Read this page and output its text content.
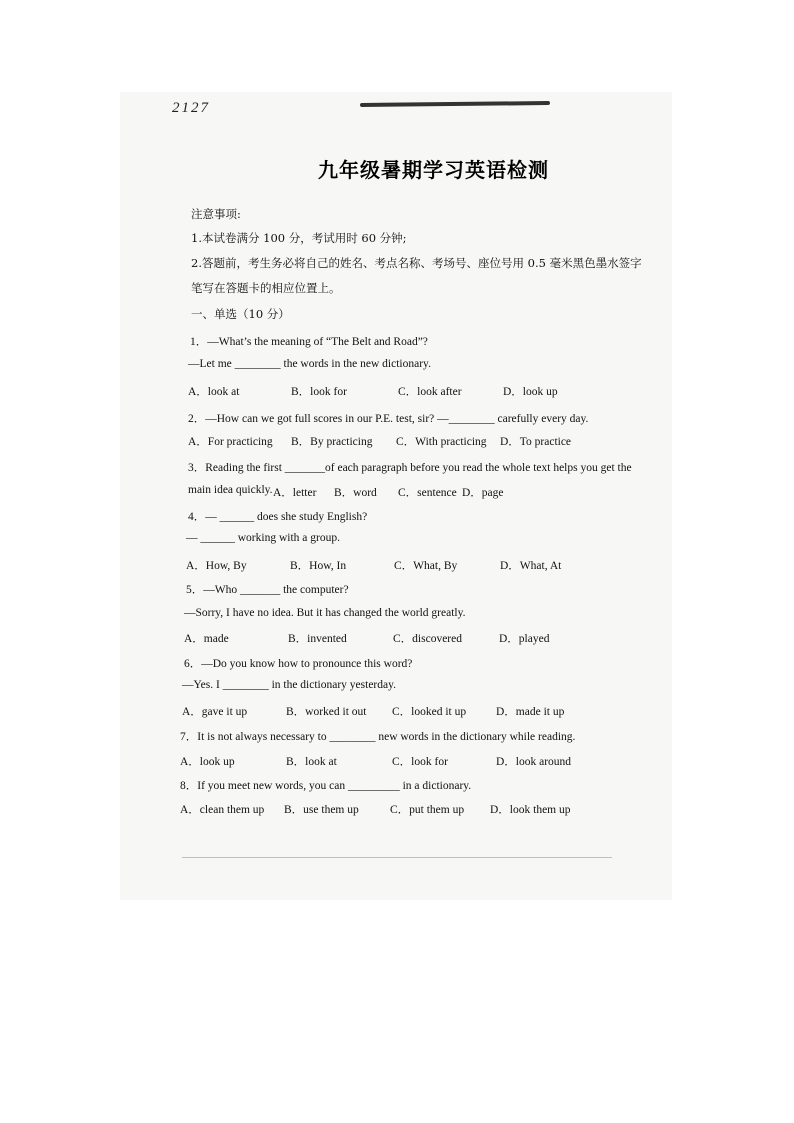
2127
九年级暑期学习英语检测
注意事项:
1.本试卷满分 100 分，考试用时 60 分钟;
2.答题前，考生务必将自己的姓名、考点名称、考场号、座位号用 0.5 毫米黑色墨水签字
笔写在答题卡的相应位置上。
一、单选（10 分）
1．—What’s the meaning of “The Belt and Road”?
—Let me ________ the words in the new dictionary.
A．look at	B．look for	C．look after	D．look up
2．—How can we got full scores in our P.E. test, sir? —________ carefully every day.
A．For practicing B．By practicing C．With practicing D．To practice
3．Reading the first _______of each paragraph before you read the whole text helps you get the
main idea quickly. A．letter B．word C．sentence D．page
4．— ______ does she study English?
— ______ working with a group.
A．How, By	B．How, In	C．What, By	D．What, At
5．—Who _______ the computer?
—Sorry, I have no idea. But it has changed the world greatly.
A．made	B．invented	C．discovered	D．played
6．—Do you know how to pronounce this word?
—Yes. I ________ in the dictionary yesterday.
A．gave it up	B．worked it out C．looked it up	D．made it up
7．It is not always necessary to ________ new words in the dictionary while reading.
A．look up	B．look at	C．look for	D．look around
8．If you meet new words, you can _________ in a dictionary.
A．clean them up B．use them up	C．put them up D．look them up
